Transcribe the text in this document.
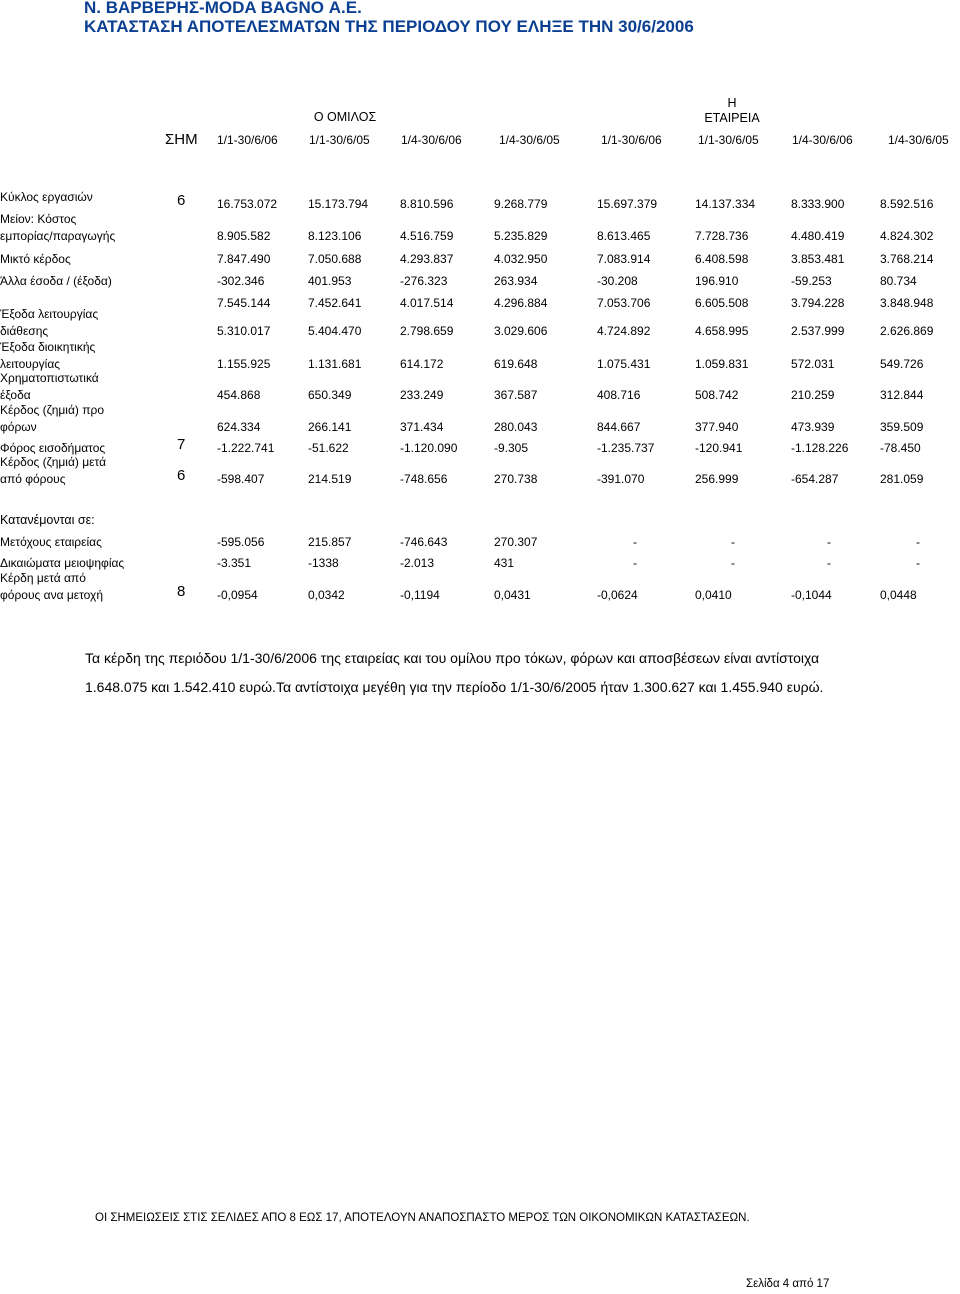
Ν. ΒΑΡΒΕΡΗΣ-MODA BAGNO Α.Ε.
ΚΑΤΑΣΤΑΣΗ ΑΠΟΤΕΛΕΣΜΑΤΩΝ ΤΗΣ ΠΕΡΙΟΔΟΥ ΠΟΥ ΕΛΗΞΕ ΤΗΝ 30/6/2006
Ο ΟΜΙΛΟΣ
Η
ΕΤΑΙΡΕΙΑ
ΣΗΜ 1/1-30/6/06	1/1-30/6/05	1/4-30/6/06	1/4-30/6/05	1/1-30/6/06	1/1-30/6/05	1/4-30/6/06	1/4-30/6/05
Κύκλος εργασιών	6	16.753.072	15.173.794	8.810.596	9.268.779	15.697.379	14.137.334	8.333.900	8.592.516
Μείον: Κόστος
εμπορίας/παραγωγής	8.905.582	8.123.106	4.516.759	5.235.829	8.613.465	7.728.736	4.480.419	4.824.302
Μικτό κέρδος	7.847.490	7.050.688	4.293.837	4.032.950	7.083.914	6.408.598	3.853.481	3.768.214
Άλλα έσοδα / (έξοδα)	-302.346	401.953	-276.323	263.934	-30.208	196.910	-59.253	80.734
7.545.144	7.452.641	4.017.514	4.296.884	7.053.706	6.605.508	3.794.228	3.848.948
Έξοδα λειτουργίας
διάθεσης	5.310.017	5.404.470	2.798.659	3.029.606	4.724.892	4.658.995	2.537.999	2.626.869
Έξοδα διοικητικής
λειτουργίας	1.155.925	1.131.681	614.172	619.648	1.075.431	1.059.831	572.031	549.726
Χρηματοπιστωτικά
έξοδα	454.868	650.349	233.249	367.587	408.716	508.742	210.259	312.844
Κέρδος (ζημιά) προ
φόρων	624.334	266.141	371.434	280.043	844.667	377.940	473.939	359.509
Φόρος εισοδήματος	7	-1.222.741	-51.622	-1.120.090	-9.305	-1.235.737	-120.941	-1.128.226	-78.450
Κέρδος (ζημιά) μετά
από φόρους	6	-598.407	214.519	-748.656	270.738	-391.070	256.999	-654.287	281.059
Κατανέμονται σε:
Μετόχους εταιρείας	-595.056	215.857	-746.643	270.307	-	-	-	-
Δικαιώματα μειοψηφίας	-3.351	-1338	-2.013	431	-	-	-	-
Κέρδη μετά από
φόρους ανα μετοχή	8	-0,0954	0,0342	-0,1194	0,0431	-0,0624	0,0410	-0,1044	0,0448
Τα κέρδη της περιόδου 1/1-30/6/2006 της εταιρείας και του ομίλου προ τόκων, φόρων και αποσβέσεων είναι αντίστοιχα 1.648.075 και 1.542.410 ευρώ.Τα αντίστοιχα μεγέθη για την περίοδο 1/1-30/6/2005 ήταν 1.300.627 και 1.455.940 ευρώ.
ΟΙ ΣΗΜΕΙΩΣΕΙΣ ΣΤΙΣ ΣΕΛΙΔΕΣ ΑΠΟ 8 ΕΩΣ 17, ΑΠΟΤΕΛΟΥΝ ΑΝΑΠΟΣΠΑΣΤΟ ΜΕΡΟΣ ΤΩΝ ΟΙΚΟΝΟΜΙΚΩΝ ΚΑΤΑΣΤΑΣΕΩΝ.
Σελίδα 4 από 17
